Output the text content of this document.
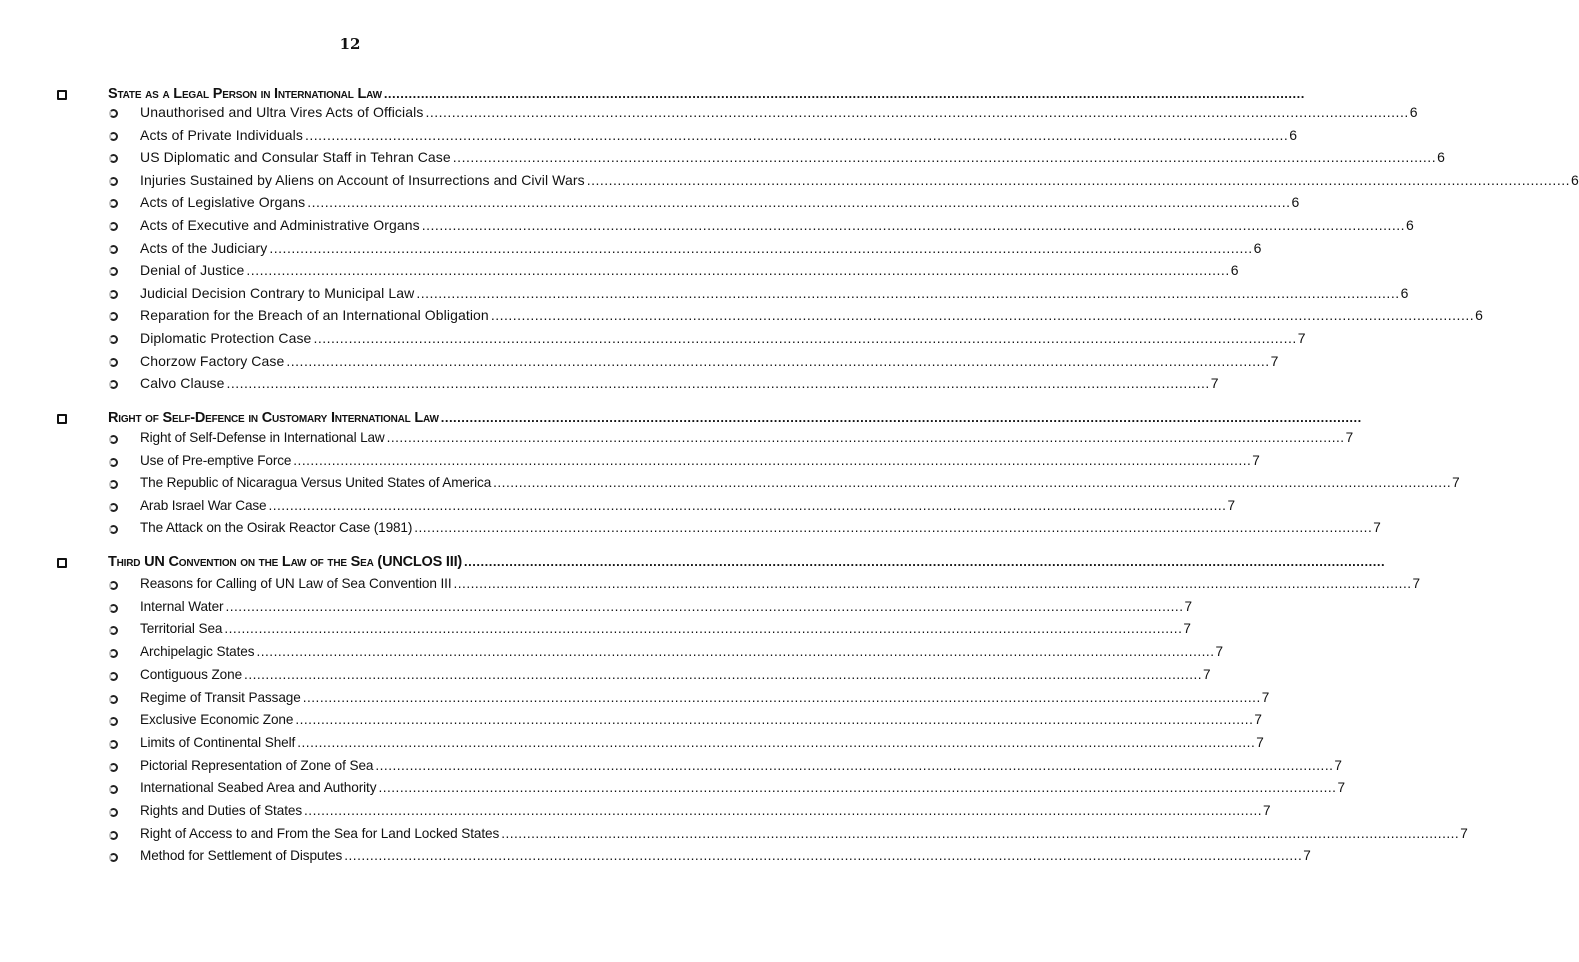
12
State as a Legal Person in International Law
.....
Unauthorised and Ultra Vires Acts of Officials .....	6
Acts of Private Individuals .....	6
US Diplomatic and Consular Staff in Tehran Case .....	6
Injuries Sustained by Aliens on Account of Insurrections and Civil Wars .....	6
Acts of Legislative Organs .....	6
Acts of Executive and Administrative Organs .....	6
Acts of the Judiciary .....	6
Denial of Justice .....	6
Judicial Decision Contrary to Municipal Law .....	6
Reparation for the Breach of an International Obligation .....	6
Diplomatic Protection Case .....	7
Chorzow Factory Case .....	7
Calvo Clause .....	7
Right of Self-Defence in Customary International Law
.....
Right of Self-Defense in International Law .....	7
Use of Pre-emptive Force .....	7
The Republic of Nicaragua Versus United States of America .....	7
Arab Israel War Case .....	7
The Attack on the Osirak Reactor Case (1981) .....	7
Third UN Convention on the Law of the Sea (UNCLOS III)
.....
Reasons for Calling of UN Law of Sea Convention III .....	7
Internal Water .....	7
Territorial Sea .....	7
Archipelagic States .....	7
Contiguous Zone .....	7
Regime of Transit Passage .....	7
Exclusive Economic Zone .....	7
Limits of Continental Shelf .....	7
Pictorial Representation of Zone of Sea .....	7
International Seabed Area and Authority .....	7
Rights and Duties of States .....	7
Right of Access to and From the Sea for Land Locked States .....	7
Method for Settlement of Disputes .....	7
